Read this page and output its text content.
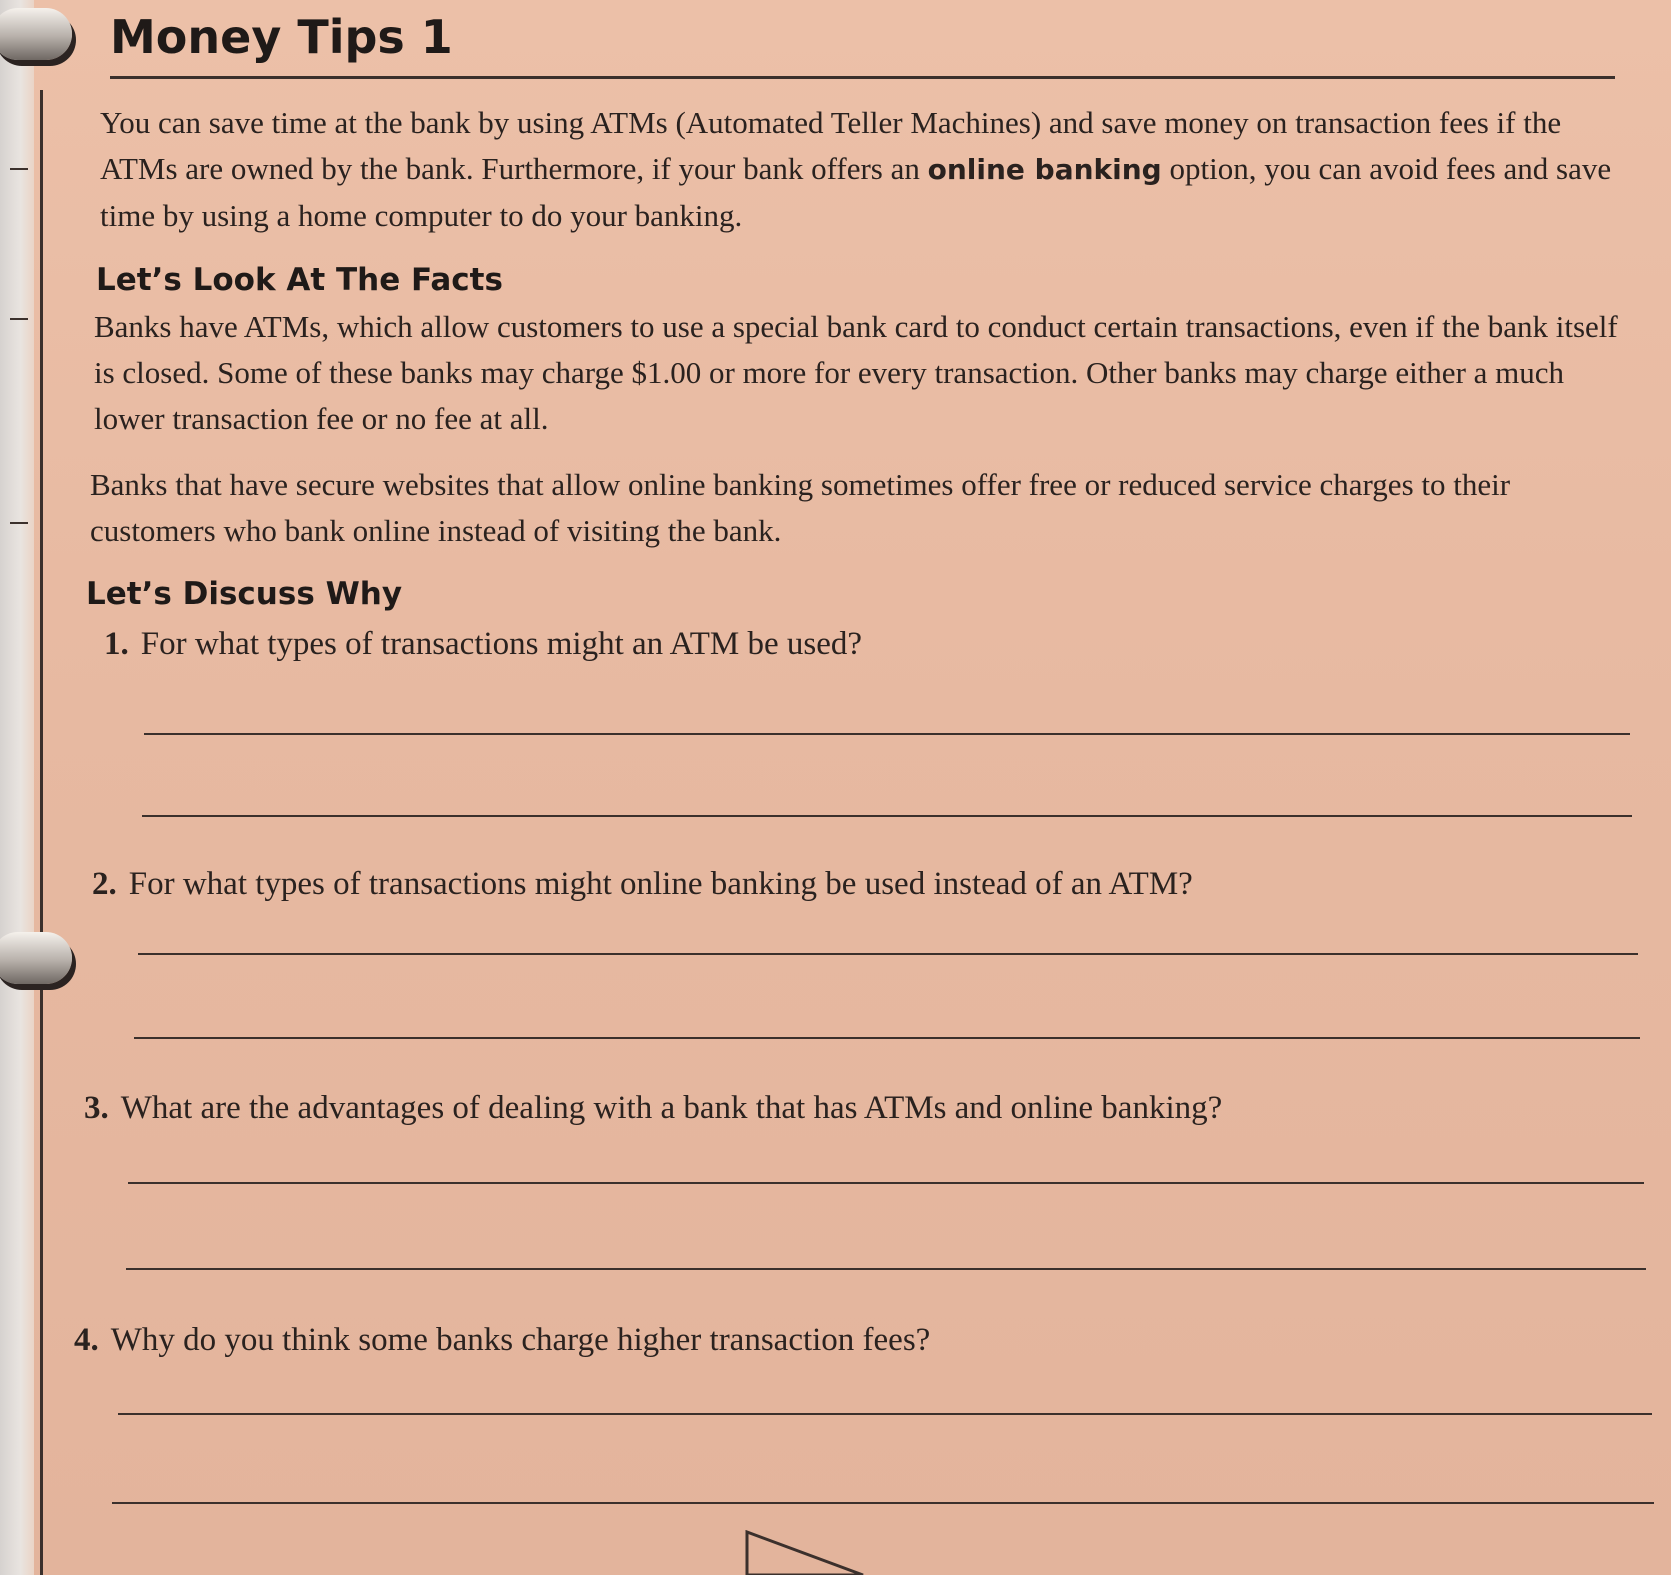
Money Tips 1

You can save time at the bank by using ATMs (Automated Teller Machines) and save money on transaction fees if the ATMs are owned by the bank. Furthermore, if your bank offers an online banking option, you can avoid fees and save time by using a home computer to do your banking.

Let’s Look At The Facts

Banks have ATMs, which allow customers to use a special bank card to conduct certain transactions, even if the bank itself is closed. Some of these banks may charge $1.00 or more for every transaction. Other banks may charge either a much lower transaction fee or no fee at all.

Banks that have secure websites that allow online banking sometimes offer free or reduced service charges to their customers who bank online instead of visiting the bank.

Let’s Discuss Why

1. For what types of transactions might an ATM be used?

2. For what types of transactions might online banking be used instead of an ATM?

3. What are the advantages of dealing with a bank that has ATMs and online banking?

4. Why do you think some banks charge higher transaction fees?
